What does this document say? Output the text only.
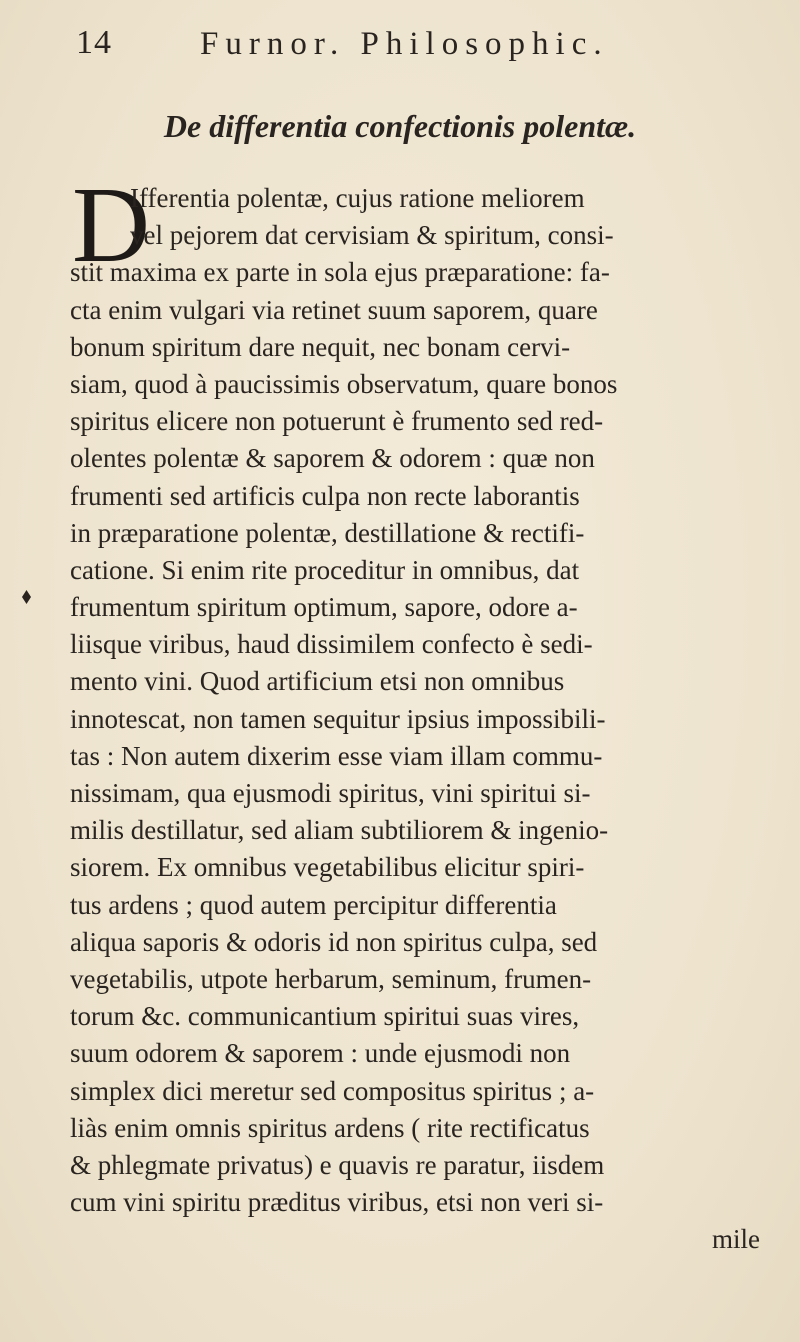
14	Furnor. Philosophic.
De differentia confectionis polentæ.
D
Ifferentia polentæ, cujus ratione meliorem
vel pejorem dat cervisiam & spiritum, consi-
stit maxima ex parte in sola ejus præparatione: fa-
cta enim vulgari via retinet suum saporem, quare
bonum spiritum dare nequit, nec bonam cervi-
siam, quod à paucissimis observatum, quare bonos
spiritus elicere non potuerunt è frumento sed red-
olentes polentæ & saporem & odorem : quæ non
frumenti sed artificis culpa non recte laborantis
in præparatione polentæ, destillatione & rectifi-
catione. Si enim rite proceditur in omnibus, dat
frumentum spiritum optimum, sapore, odore a-
liisque viribus, haud dissimilem confecto è sedi-
mento vini. Quod artificium etsi non omnibus
innotescat, non tamen sequitur ipsius impossibili-
tas : Non autem dixerim esse viam illam commu-
nissimam, qua ejusmodi spiritus, vini spiritui si-
milis destillatur, sed aliam subtiliorem & ingenio-
siorem. Ex omnibus vegetabilibus elicitur spiri-
tus ardens ; quod autem percipitur differentia
aliqua saporis & odoris id non spiritus culpa, sed
vegetabilis, utpote herbarum, seminum, frumen-
torum &c. communicantium spiritui suas vires,
suum odorem & saporem : unde ejusmodi non
simplex dici meretur sed compositus spiritus ; a-
liàs enim omnis spiritus ardens ( rite rectificatus
& phlegmate privatus) e quavis re paratur, iisdem
cum vini spiritu præditus viribus, etsi non veri si-
mile
